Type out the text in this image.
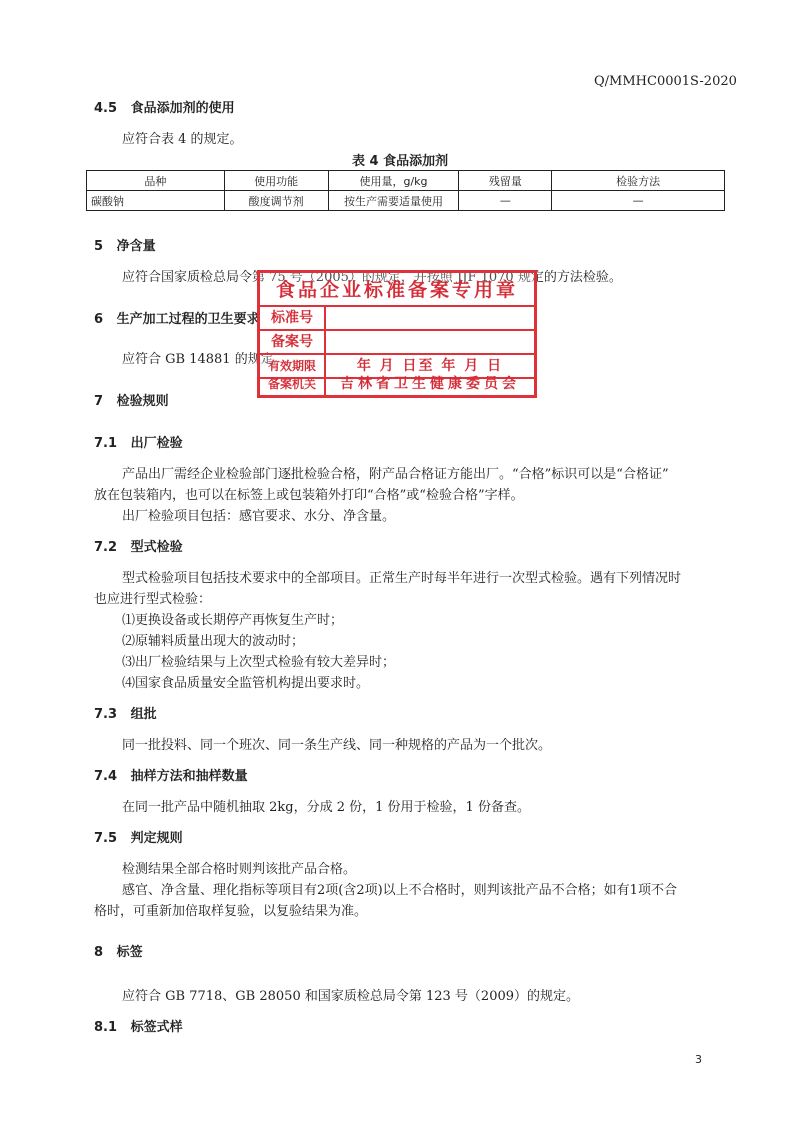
Q/MMHC0001S-2020
4.5 食品添加剂的使用
应符合表 4 的规定。
表 4 食品添加剂
品种	使用功能	使用量，g/kg	残留量	检验方法
碳酸钠	酸度调节剂	按生产需要适量使用	—	—
5 净含量
应符合国家质检总局令第 75 号（2005）的规定，并按照 JJF 1070 规定的方法检验。
6 生产加工过程的卫生要求
应符合 GB 14881 的规定。
7 检验规则
7.1 出厂检验
产品出厂需经企业检验部门逐批检验合格，附产品合格证方能出厂。“合格”标识可以是“合格证”
放在包装箱内，也可以在标签上或包装箱外打印“合格”或“检验合格”字样。
出厂检验项目包括：感官要求、水分、净含量。
7.2 型式检验
型式检验项目包括技术要求中的全部项目。正常生产时每半年进行一次型式检验。遇有下列情况时
也应进行型式检验：
⑴更换设备或长期停产再恢复生产时；
⑵原辅料质量出现大的波动时；
⑶出厂检验结果与上次型式检验有较大差异时；
⑷国家食品质量安全监管机构提出要求时。
7.3 组批
同一批投料、同一个班次、同一条生产线、同一种规格的产品为一个批次。
7.4 抽样方法和抽样数量
在同一批产品中随机抽取 2kg，分成 2 份，1 份用于检验，1 份备查。
7.5 判定规则
检测结果全部合格时则判该批产品合格。
感官、净含量、理化指标等项目有2项(含2项)以上不合格时，则判该批产品不合格；如有1项不合
格时，可重新加倍取样复验，以复验结果为准。
8 标签
应符合 GB 7718、GB 28050 和国家质检总局令第 123 号（2009）的规定。
8.1 标签式样
3
食品企业标准备案专用章
标准号
备案号
有效期限	年 月 日至 年 月 日
备案机关	吉林省卫生健康委员会
